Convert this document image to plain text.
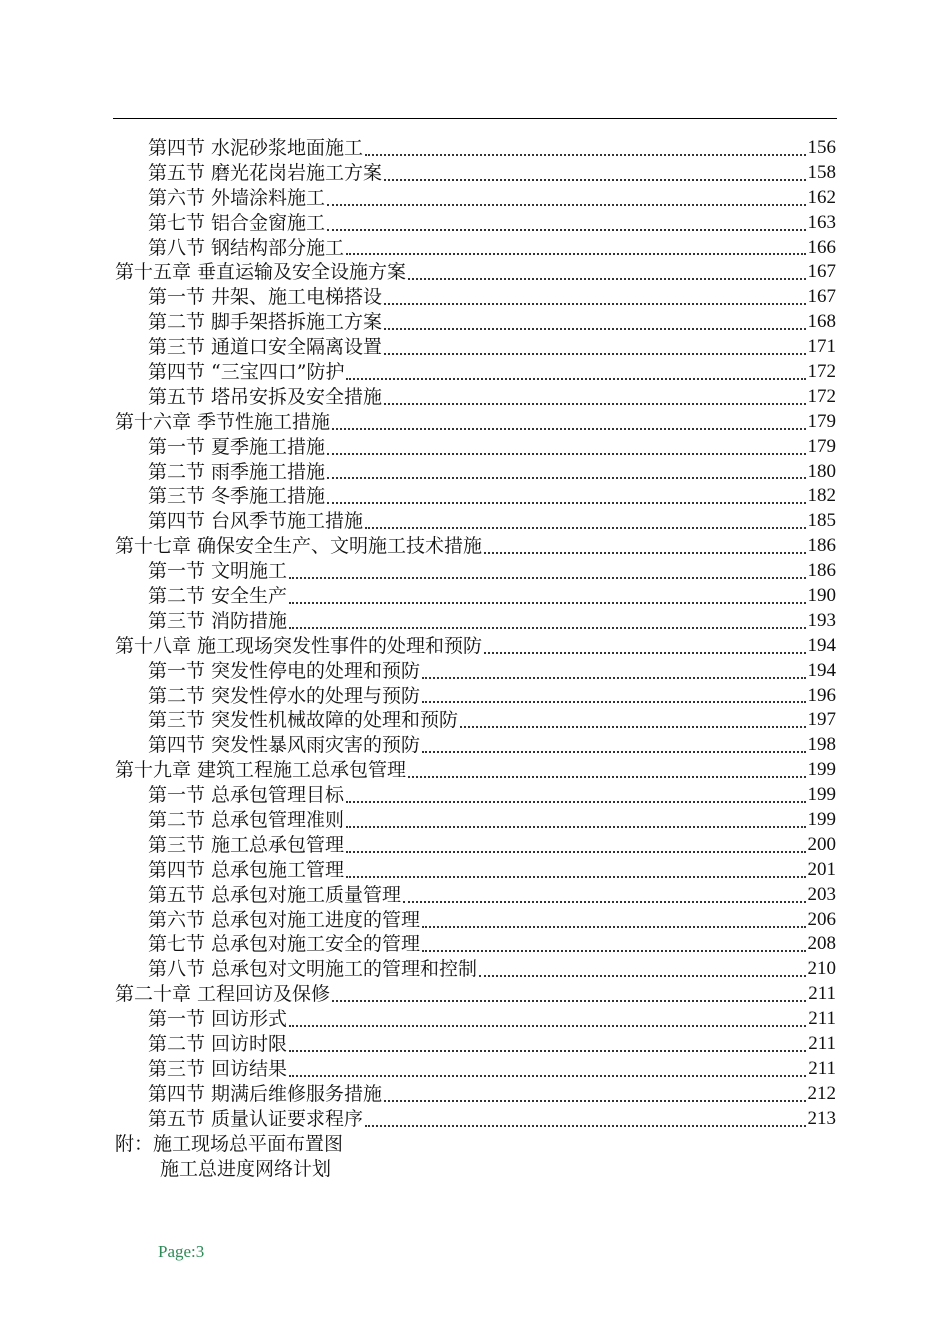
第四节 水泥砂浆地面施工	156
第五节 磨光花岗岩施工方案	158
第六节 外墙涂料施工	162
第七节 铝合金窗施工	163
第八节 钢结构部分施工	166
第十五章 垂直运输及安全设施方案	167
第一节 井架、施工电梯搭设	167
第二节 脚手架搭拆施工方案	168
第三节 通道口安全隔离设置	171
第四节 “三宝四口”防护	172
第五节 塔吊安拆及安全措施	172
第十六章 季节性施工措施	179
第一节 夏季施工措施	179
第二节 雨季施工措施	180
第三节 冬季施工措施	182
第四节 台风季节施工措施	185
第十七章 确保安全生产、文明施工技术措施	186
第一节 文明施工	186
第二节 安全生产	190
第三节 消防措施	193
第十八章 施工现场突发性事件的处理和预防	194
第一节 突发性停电的处理和预防	194
第二节 突发性停水的处理与预防	196
第三节 突发性机械故障的处理和预防	197
第四节 突发性暴风雨灾害的预防	198
第十九章 建筑工程施工总承包管理	199
第一节 总承包管理目标	199
第二节 总承包管理准则	199
第三节 施工总承包管理	200
第四节 总承包施工管理	201
第五节 总承包对施工质量管理	203
第六节 总承包对施工进度的管理	206
第七节 总承包对施工安全的管理	208
第八节 总承包对文明施工的管理和控制	210
第二十章 工程回访及保修	211
第一节 回访形式	211
第二节 回访时限	211
第三节 回访结果	211
第四节 期满后维修服务措施	212
第五节 质量认证要求程序	213
附：施工现场总平面布置图
施工总进度网络计划
Page:3
